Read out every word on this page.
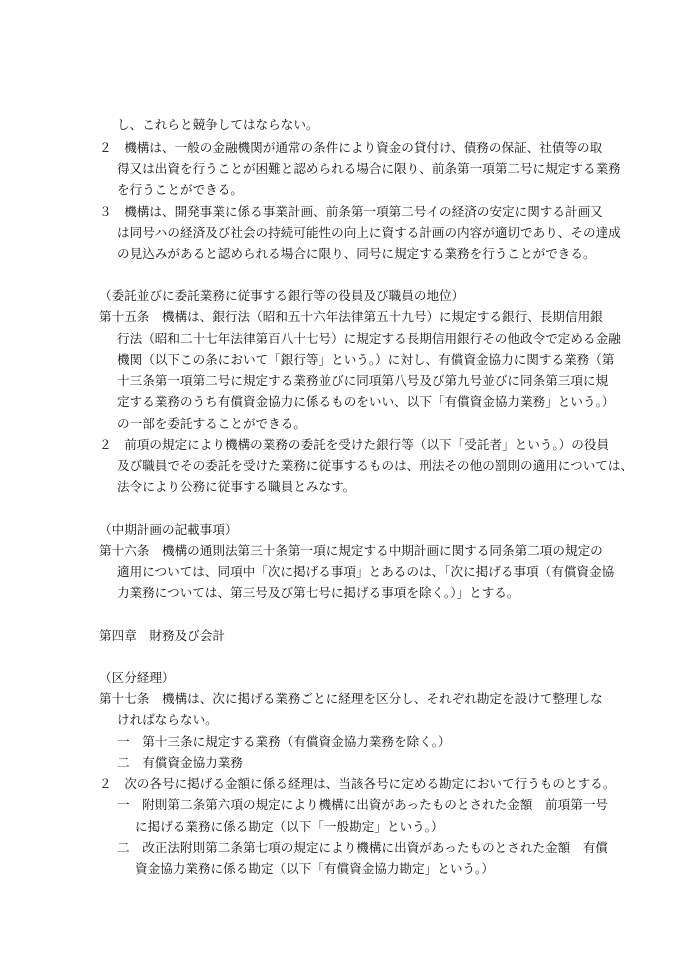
し、これらと競争してはならない。
２　機構は、一般の金融機関が通常の条件により資金の貸付け、債務の保証、社債等の取
得又は出資を行うことが困難と認められる場合に限り、前条第一項第二号に規定する業務
を行うことができる。
３　機構は、開発事業に係る事業計画、前条第一項第二号イの経済の安定に関する計画又
は同号ハの経済及び社会の持続可能性の向上に資する計画の内容が適切であり、その達成
の見込みがあると認められる場合に限り、同号に規定する業務を行うことができる。
（委託並びに委託業務に従事する銀行等の役員及び職員の地位）
第十五条　機構は、銀行法（昭和五十六年法律第五十九号）に規定する銀行、長期信用銀
行法（昭和二十七年法律第百八十七号）に規定する長期信用銀行その他政令で定める金融
機関（以下この条において「銀行等」という。）に対し、有償資金協力に関する業務（第
十三条第一項第二号に規定する業務並びに同項第八号及び第九号並びに同条第三項に規
定する業務のうち有償資金協力に係るものをいい、以下「有償資金協力業務」という。）
の一部を委託することができる。
２　前項の規定により機構の業務の委託を受けた銀行等（以下「受託者」という。）の役員
及び職員でその委託を受けた業務に従事するものは、刑法その他の罰則の適用については、
法令により公務に従事する職員とみなす。
（中期計画の記載事項）
第十六条　機構の通則法第三十条第一項に規定する中期計画に関する同条第二項の規定の
適用については、同項中「次に掲げる事項」とあるのは、「次に掲げる事項（有償資金協
力業務については、第三号及び第七号に掲げる事項を除く。）」とする。
第四章　財務及び会計
（区分経理）
第十七条　機構は、次に掲げる業務ごとに経理を区分し、それぞれ勘定を設けて整理しな
ければならない。
一　第十三条に規定する業務（有償資金協力業務を除く。）
二　有償資金協力業務
２　次の各号に掲げる金額に係る経理は、当該各号に定める勘定において行うものとする。
一　附則第二条第六項の規定により機構に出資があったものとされた金額　前項第一号
に掲げる業務に係る勘定（以下「一般勘定」という。）
二　改正法附則第二条第七項の規定により機構に出資があったものとされた金額　有償
資金協力業務に係る勘定（以下「有償資金協力勘定」という。）
